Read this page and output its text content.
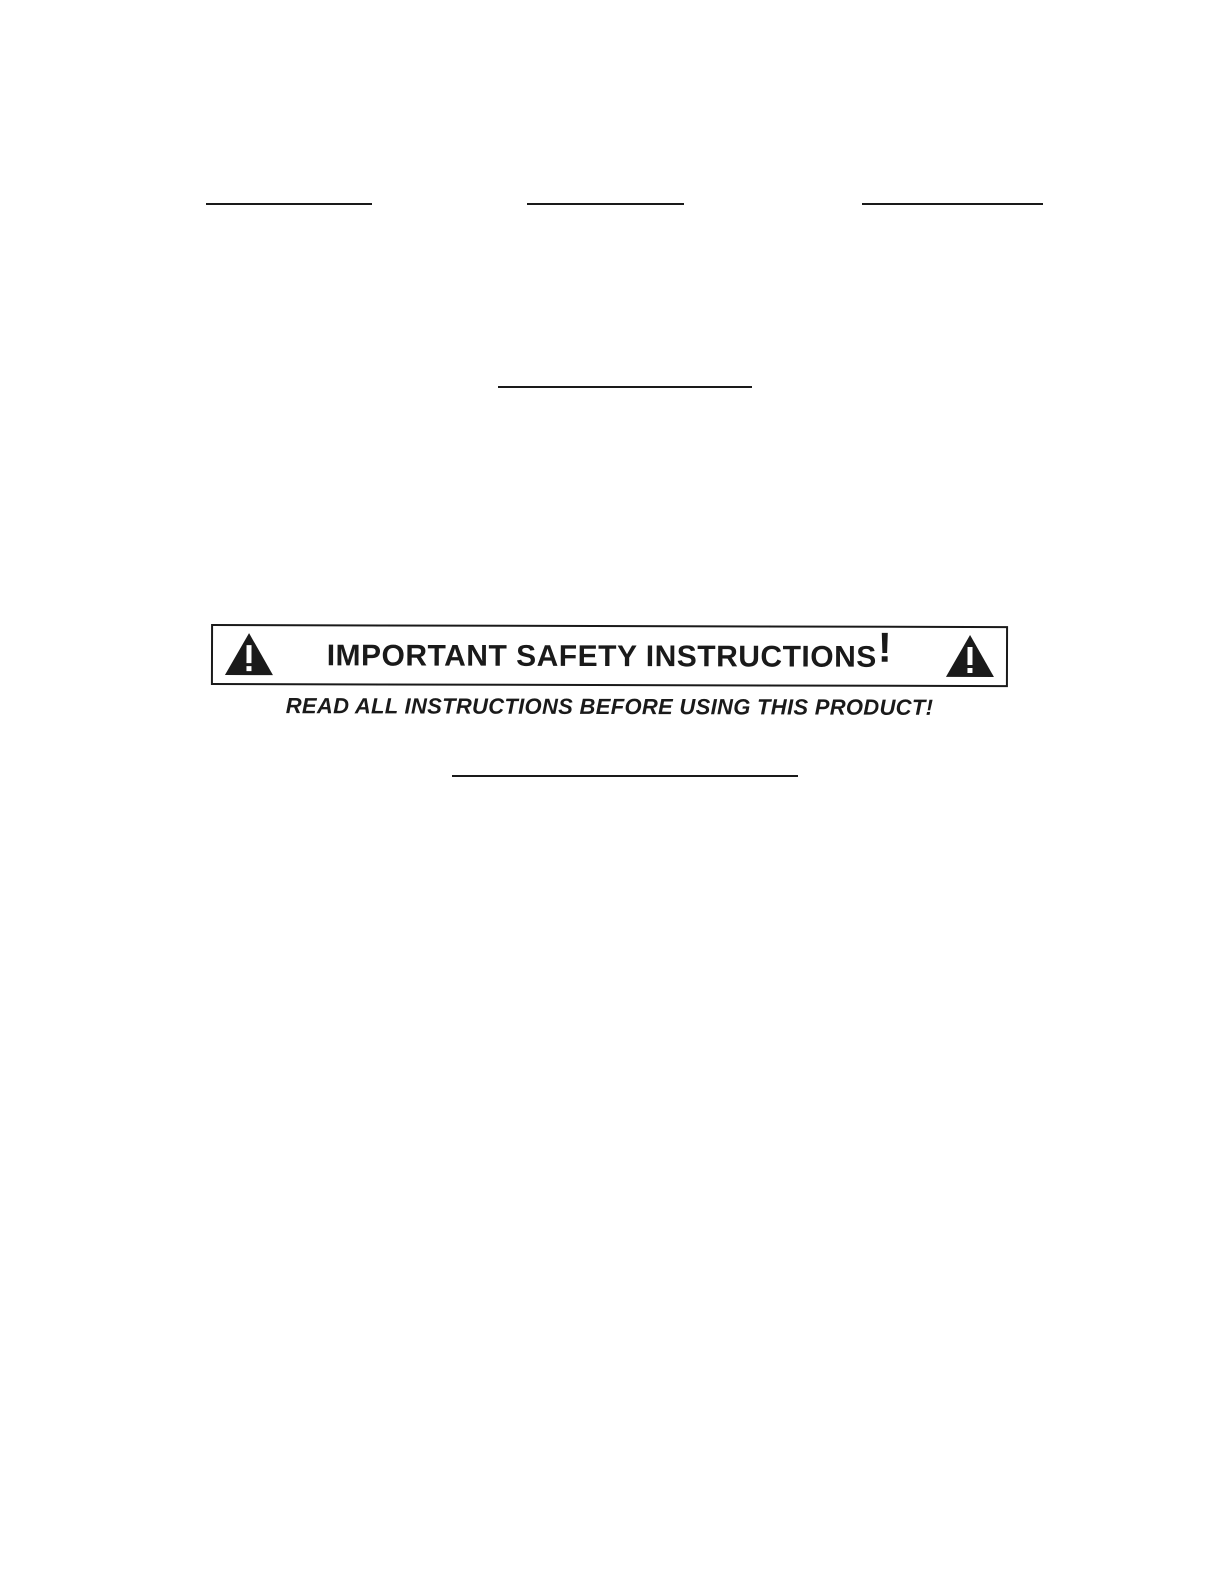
IMPORTANT SAFETY INSTRUCTIONS!
READ ALL INSTRUCTIONS BEFORE USING THIS PRODUCT!
